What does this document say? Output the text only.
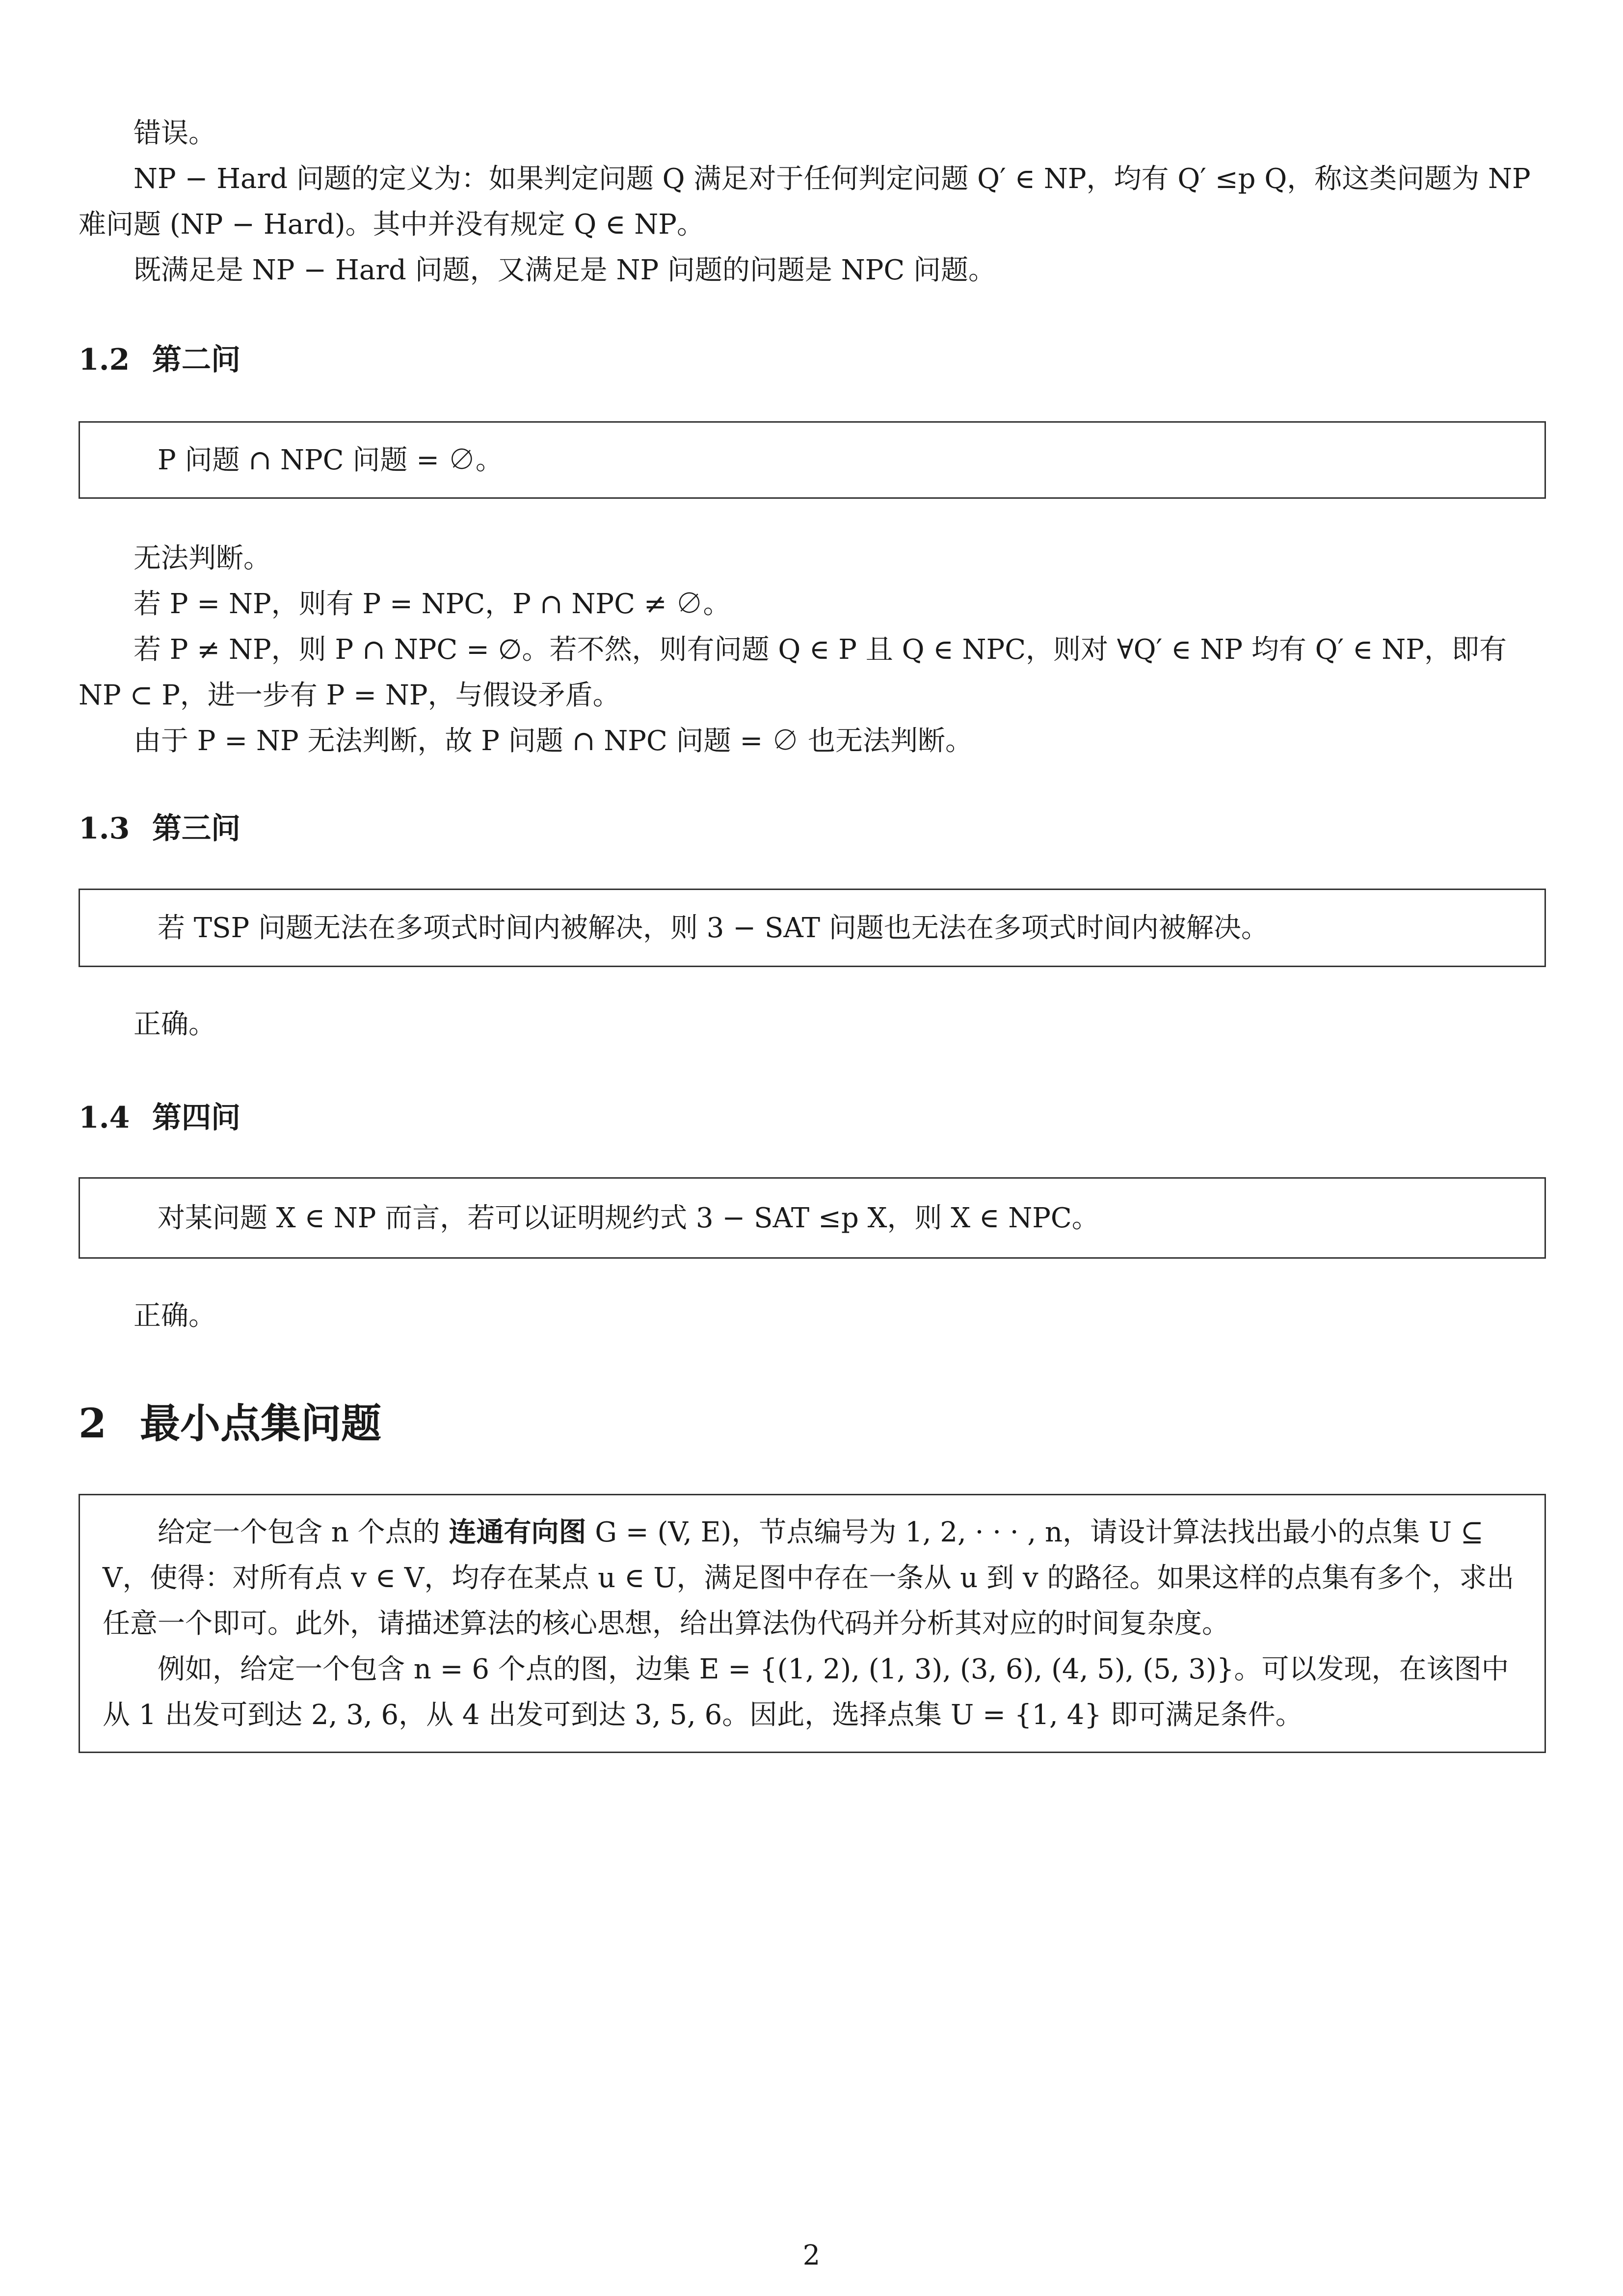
错误。

NP − Hard 问题的定义为：如果判定问题 Q 满足对于任何判定问题 Q′ ∈ NP，均有 Q′ ≤p Q，称这类问题为 NP 难问题 (NP − Hard)。其中并没有规定 Q ∈ NP。

既满足是 NP − Hard 问题，又满足是 NP 问题的问题是 NPC 问题。

1.2 第二问

P 问题 ∩ NPC 问题 = ∅。

无法判断。

若 P = NP，则有 P = NPC，P ∩ NPC ≠ ∅。

若 P ≠ NP，则 P ∩ NPC = ∅。若不然，则有问题 Q ∈ P 且 Q ∈ NPC，则对 ∀Q′ ∈ NP 均有 Q′ ∈ NP，即有 NP ⊂ P，进一步有 P = NP，与假设矛盾。

由于 P = NP 无法判断，故 P 问题 ∩ NPC 问题 = ∅ 也无法判断。

1.3 第三问

若 TSP 问题无法在多项式时间内被解决，则 3 − SAT 问题也无法在多项式时间内被解决。

正确。

1.4 第四问

对某问题 X ∈ NP 而言，若可以证明规约式 3 − SAT ≤p X，则 X ∈ NPC。

正确。

2 最小点集问题

给定一个包含 n 个点的 连通有向图 G = (V, E)，节点编号为 1, 2, · · · , n，请设计算法找出最小的点集 U ⊆ V，使得：对所有点 v ∈ V，均存在某点 u ∈ U，满足图中存在一条从 u 到 v 的路径。如果这样的点集有多个，求出任意一个即可。此外，请描述算法的核心思想，给出算法伪代码并分析其对应的时间复杂度。

例如，给定一个包含 n = 6 个点的图，边集 E = {(1, 2), (1, 3), (3, 6), (4, 5), (5, 3)}。可以发现，在该图中从 1 出发可到达 2, 3, 6，从 4 出发可到达 3, 5, 6。因此，选择点集 U = {1, 4} 即可满足条件。

2
